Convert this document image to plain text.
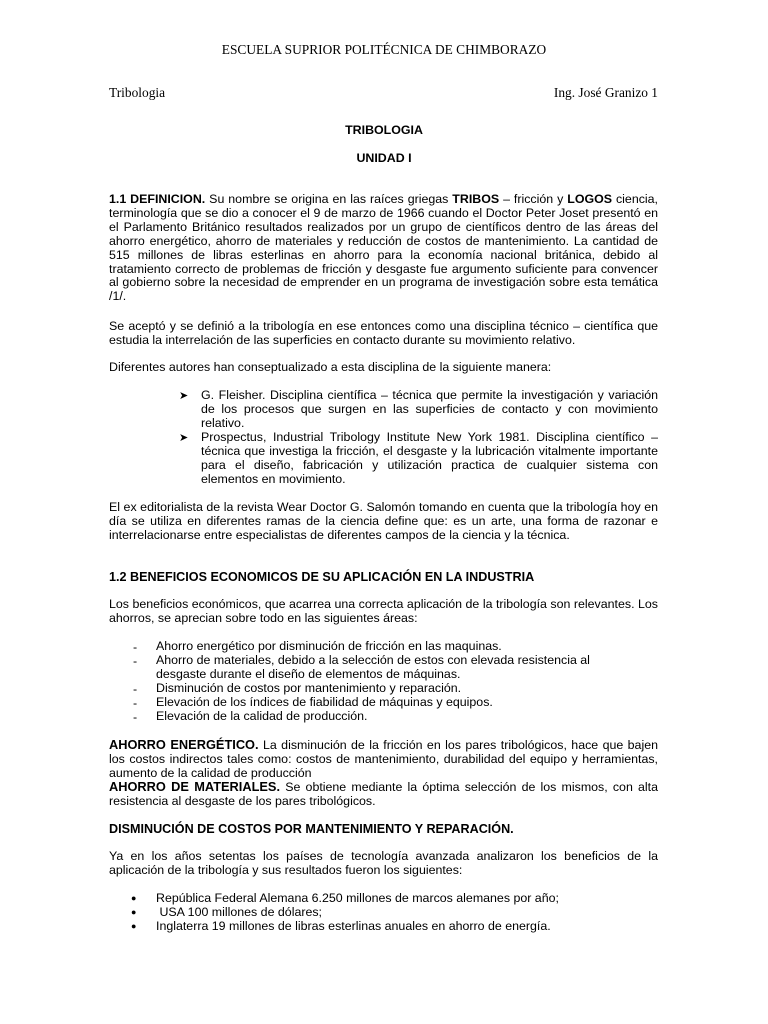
ESCUELA SUPRIOR POLITÉCNICA DE CHIMBORAZO
Tribologia	Ing. José Granizo 1
TRIBOLOGIA
UNIDAD I
1.1 DEFINICION. Su nombre se origina en las raíces griegas TRIBOS – fricción y LOGOS ciencia, terminología que se dio a conocer el 9 de marzo de 1966 cuando el Doctor Peter Joset presentó en el Parlamento Británico resultados realizados por un grupo de científicos dentro de las áreas del ahorro energético, ahorro de materiales y reducción de costos de mantenimiento. La cantidad de 515 millones de libras esterlinas en ahorro para la economía nacional británica, debido al tratamiento correcto de problemas de fricción y desgaste fue argumento suficiente para convencer al gobierno sobre la necesidad de emprender en un programa de investigación sobre esta temática /1/.
Se aceptó y se definió a la tribología en ese entonces como una disciplina técnico – científica que estudia la interrelación de las superficies en contacto durante su movimiento relativo.
Diferentes autores han conseptualizado a esta disciplina de la siguiente manera:
➤ G. Fleisher. Disciplina científica – técnica que permite la investigación y variación de los procesos que surgen en las superficies de contacto y con movimiento relativo.
➤ Prospectus, Industrial Tribology Institute New York 1981. Disciplina científico – técnica que investiga la fricción, el desgaste y la lubricación vitalmente importante para el diseño, fabricación y utilización practica de cualquier sistema con elementos en movimiento.
El ex editorialista de la revista Wear Doctor G. Salomón tomando en cuenta que la tribología hoy en día se utiliza en diferentes ramas de la ciencia define que: es un arte, una forma de razonar e interrelacionarse entre especialistas de diferentes campos de la ciencia y la técnica.
1.2 BENEFICIOS ECONOMICOS DE SU APLICACIÓN EN LA INDUSTRIA
Los beneficios económicos, que acarrea una correcta aplicación de la tribología son relevantes. Los ahorros, se aprecian sobre todo en las siguientes áreas:
- Ahorro energético por disminución de fricción en las maquinas.
- Ahorro de materiales, debido a la selección de estos con elevada resistencia al desgaste durante el diseño de elementos de máquinas.
- Disminución de costos por mantenimiento y reparación.
- Elevación de los índices de fiabilidad de máquinas y equipos.
- Elevación de la calidad de producción.
AHORRO ENERGÉTICO. La disminución de la fricción en los pares tribológicos, hace que bajen los costos indirectos tales como: costos de mantenimiento, durabilidad del equipo y herramientas, aumento de la calidad de producción
AHORRO DE MATERIALES. Se obtiene mediante la óptima selección de los mismos, con alta resistencia al desgaste de los pares tribológicos.
DISMINUCIÓN DE COSTOS POR MANTENIMIENTO Y REPARACIÓN.
Ya en los años setentas los países de tecnología avanzada analizaron los beneficios de la aplicación de la tribología y sus resultados fueron los siguientes:
● República Federal Alemana 6.250 millones de marcos alemanes por año;
● USA 100 millones de dólares;
● Inglaterra 19 millones de libras esterlinas anuales en ahorro de energía.
